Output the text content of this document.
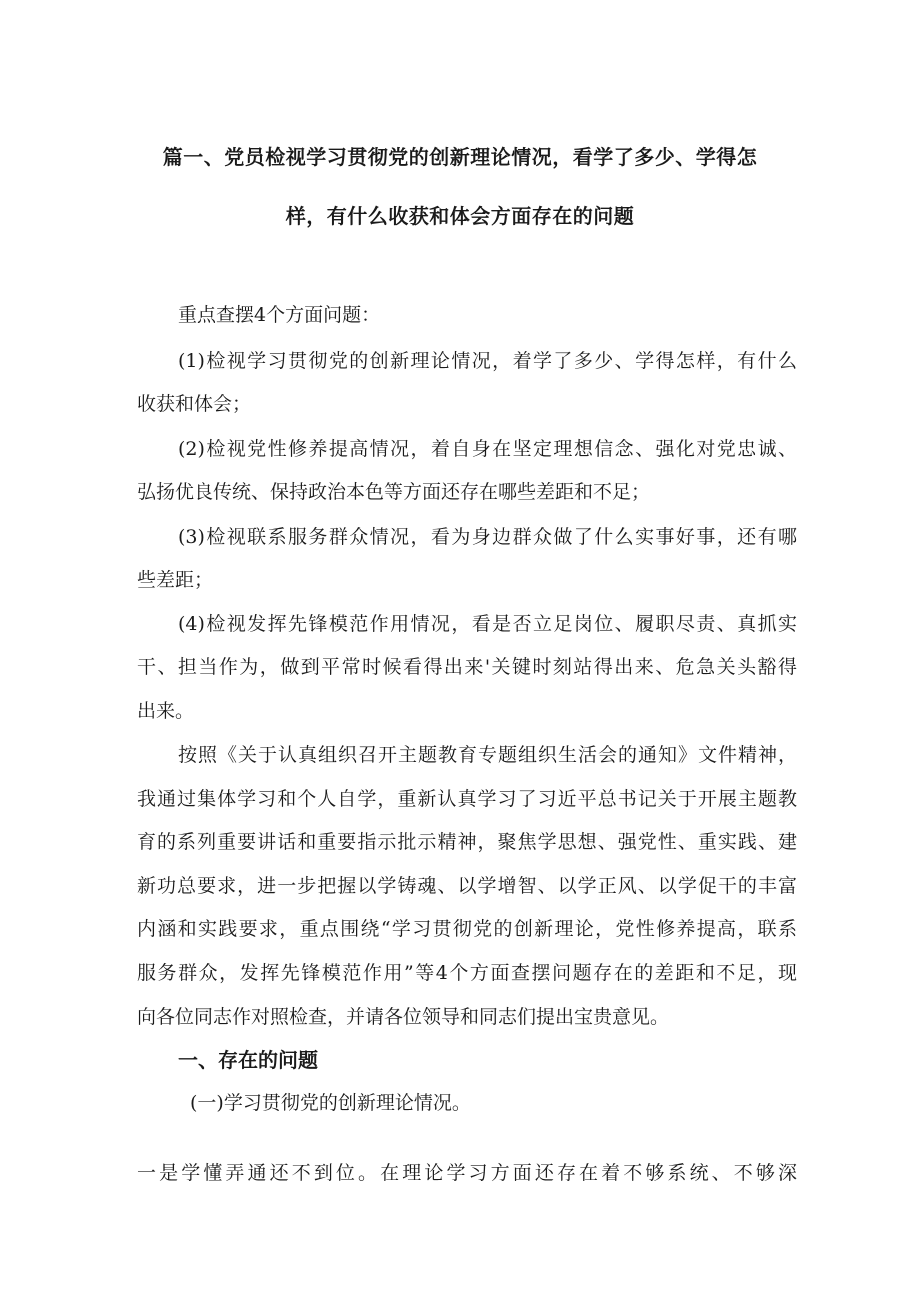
篇一、党员检视学习贯彻党的创新理论情况，看学了多少、学得怎
样，有什么收获和体会方面存在的问题
重点查摆4个方面问题：
(1)检视学习贯彻党的创新理论情况，着学了多少、学得怎样，有什么
收获和体会；
(2)检视党性修养提高情况，着自身在坚定理想信念、强化对党忠诚、
弘扬优良传统、保持政治本色等方面还存在哪些差距和不足；
(3)检视联系服务群众情况，看为身边群众做了什么实事好事，还有哪
些差距；
(4)检视发挥先锋模范作用情况，看是否立足岗位、履职尽责、真抓实
干、担当作为，做到平常时候看得出来'关键时刻站得出来、危急关头豁得
出来。
按照《关于认真组织召开主题教育专题组织生活会的通知》文件精神，
我通过集体学习和个人自学，重新认真学习了习近平总书记关于开展主题教
育的系列重要讲话和重要指示批示精神，聚焦学思想、强党性、重实践、建
新功总要求，进一步把握以学铸魂、以学增智、以学正风、以学促干的丰富
内涵和实践要求，重点围绕“学习贯彻党的创新理论，党性修养提高，联系
服务群众，发挥先锋模范作用”等4个方面查摆问题存在的差距和不足，现
向各位同志作对照检查，并请各位领导和同志们提出宝贵意见。
一、存在的问题
(一)学习贯彻党的创新理论情况。
一是学懂弄通还不到位。在理论学习方面还存在着不够系统、不够深
